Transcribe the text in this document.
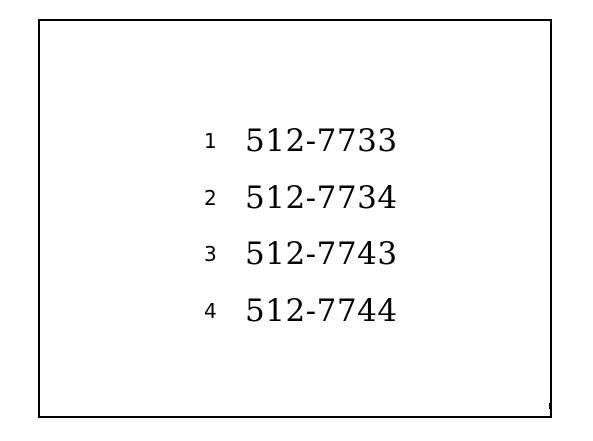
1 512-7733
2 512-7734
3 512-7743
4 512-7744
